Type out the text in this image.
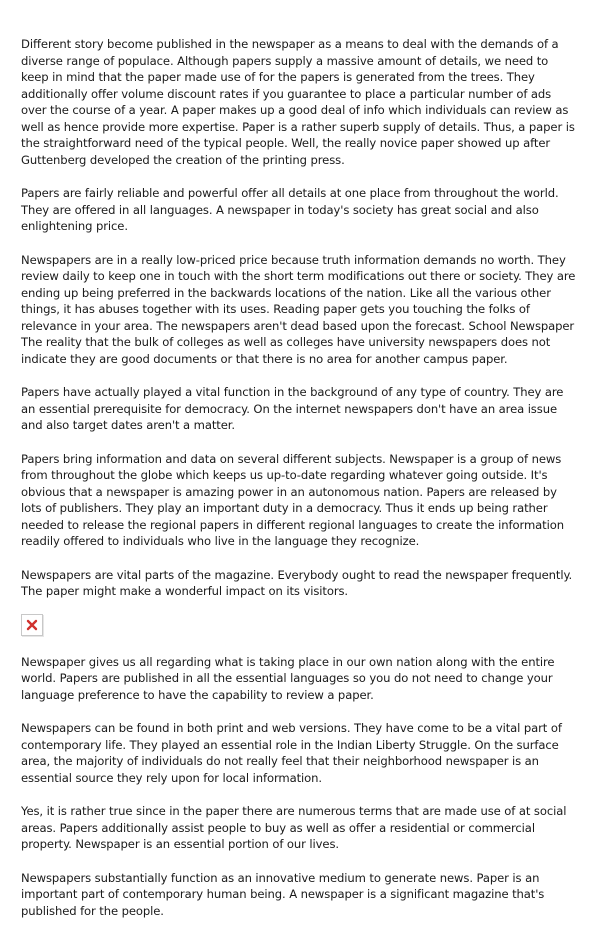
Different story become published in the newspaper as a means to deal with the demands of a diverse range of populace. Although papers supply a massive amount of details, we need to keep in mind that the paper made use of for the papers is generated from the trees. They additionally offer volume discount rates if you guarantee to place a particular number of ads over the course of a year. A paper makes up a good deal of info which individuals can review as well as hence provide more expertise. Paper is a rather superb supply of details. Thus, a paper is the straightforward need of the typical people. Well, the really novice paper showed up after Guttenberg developed the creation of the printing press.

Papers are fairly reliable and powerful offer all details at one place from throughout the world. They are offered in all languages. A newspaper in today's society has great social and also enlightening price.

Newspapers are in a really low-priced price because truth information demands no worth. They review daily to keep one in touch with the short term modifications out there or society. They are ending up being preferred in the backwards locations of the nation. Like all the various other things, it has abuses together with its uses. Reading paper gets you touching the folks of relevance in your area. The newspapers aren't dead based upon the forecast. School Newspaper The reality that the bulk of colleges as well as colleges have university newspapers does not indicate they are good documents or that there is no area for another campus paper.

Papers have actually played a vital function in the background of any type of country. They are an essential prerequisite for democracy. On the internet newspapers don't have an area issue and also target dates aren't a matter.

Papers bring information and data on several different subjects. Newspaper is a group of news from throughout the globe which keeps us up-to-date regarding whatever going outside. It's obvious that a newspaper is amazing power in an autonomous nation. Papers are released by lots of publishers. They play an important duty in a democracy. Thus it ends up being rather needed to release the regional papers in different regional languages to create the information readily offered to individuals who live in the language they recognize.

Newspapers are vital parts of the magazine. Everybody ought to read the newspaper frequently. The paper might make a wonderful impact on its visitors.

Newspaper gives us all regarding what is taking place in our own nation along with the entire world. Papers are published in all the essential languages so you do not need to change your language preference to have the capability to review a paper.

Newspapers can be found in both print and web versions. They have come to be a vital part of contemporary life. They played an essential role in the Indian Liberty Struggle. On the surface area, the majority of individuals do not really feel that their neighborhood newspaper is an essential source they rely upon for local information.

Yes, it is rather true since in the paper there are numerous terms that are made use of at social areas. Papers additionally assist people to buy as well as offer a residential or commercial property. Newspaper is an essential portion of our lives.

Newspapers substantially function as an innovative medium to generate news. Paper is an important part of contemporary human being. A newspaper is a significant magazine that's published for the people.
